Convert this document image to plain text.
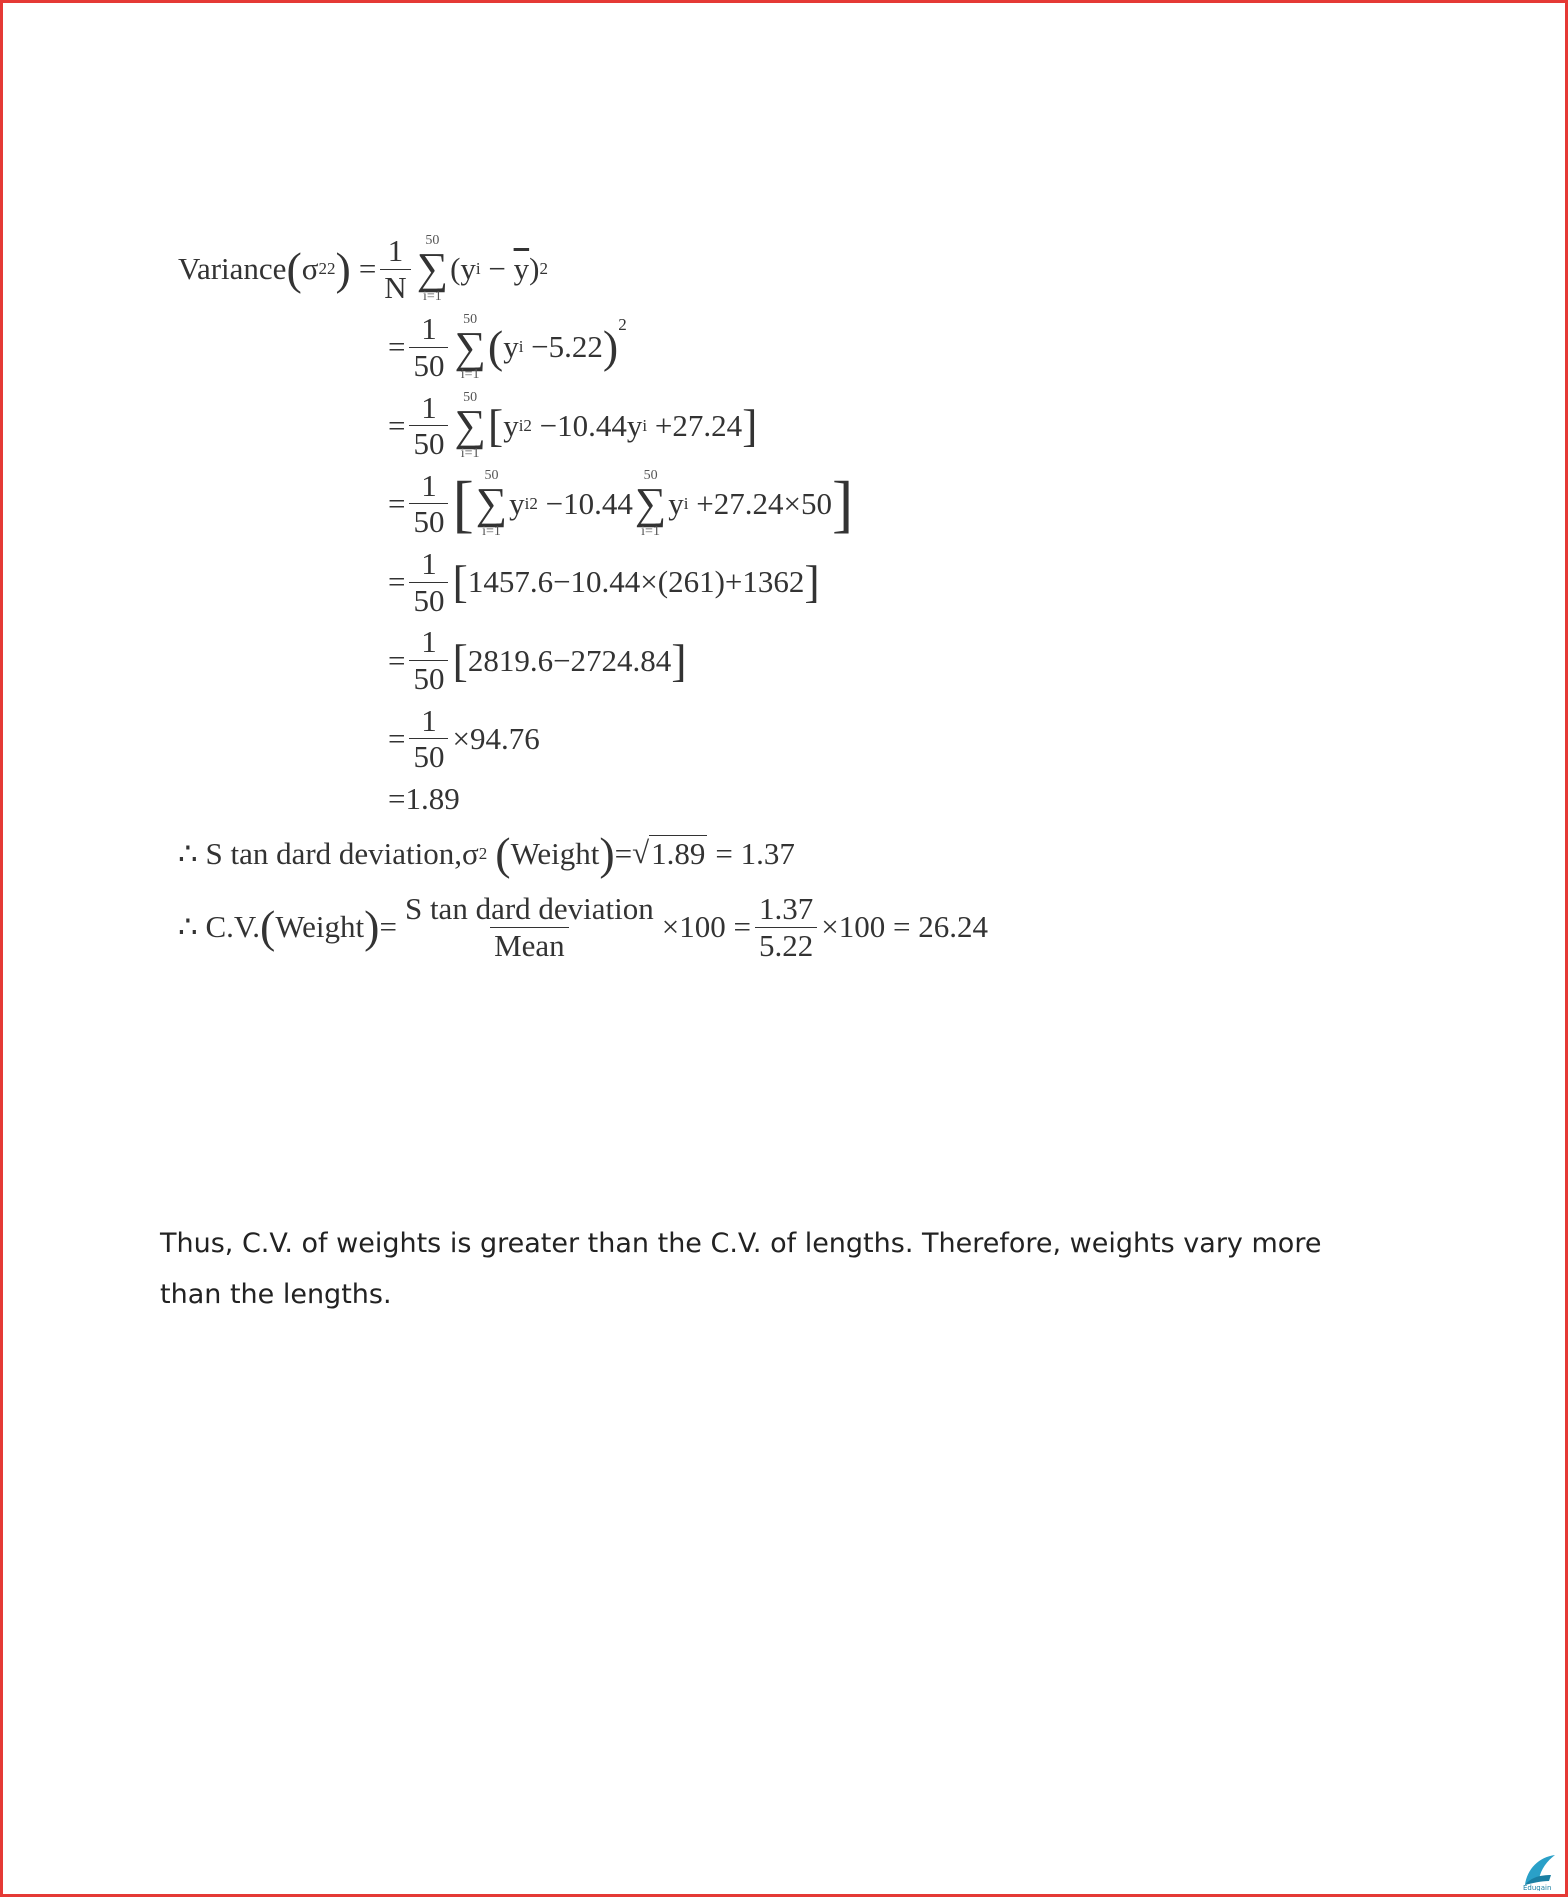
Variance ( σ 2 2 ) = $\frac{1}{N} 50$
∑
i=1
( y $i - \overline{y}$ ) 2
= $\frac{1}{50} 50$
∑
i=1
( y i − 5.22 )$^2$
= $\frac{1}{50} 50$
∑
i=1
[ y i 2 − 10.44 y i + 27.24 ]
= $\frac{1}{50}$ [ 50
∑
i=1
y i 2 − 10.44
50
∑
i=1
y i + 27.24×50 ]
= $\frac{1}{50}$ [ 1457.6−10.44×(261)+1362 ]
= $\frac{1}{50}$ [ 2819.6−2724.84 ]
= $\frac{1}{50} \times 94.76$
=1.89
∴ S tan dard deviation, σ 2 ( Weight ) = √ 1.89 = 1.37
∴ C.V. ( Weight ) = $\frac{\text{S tan dard deviation}}{\text{Mean}} \times 100 = \frac{1.37}{5.22} \times 100 = 26.24$
Thus, C.V. of weights is greater than the C.V. of lengths. Therefore, weights vary more
than the lengths.
Edugain
